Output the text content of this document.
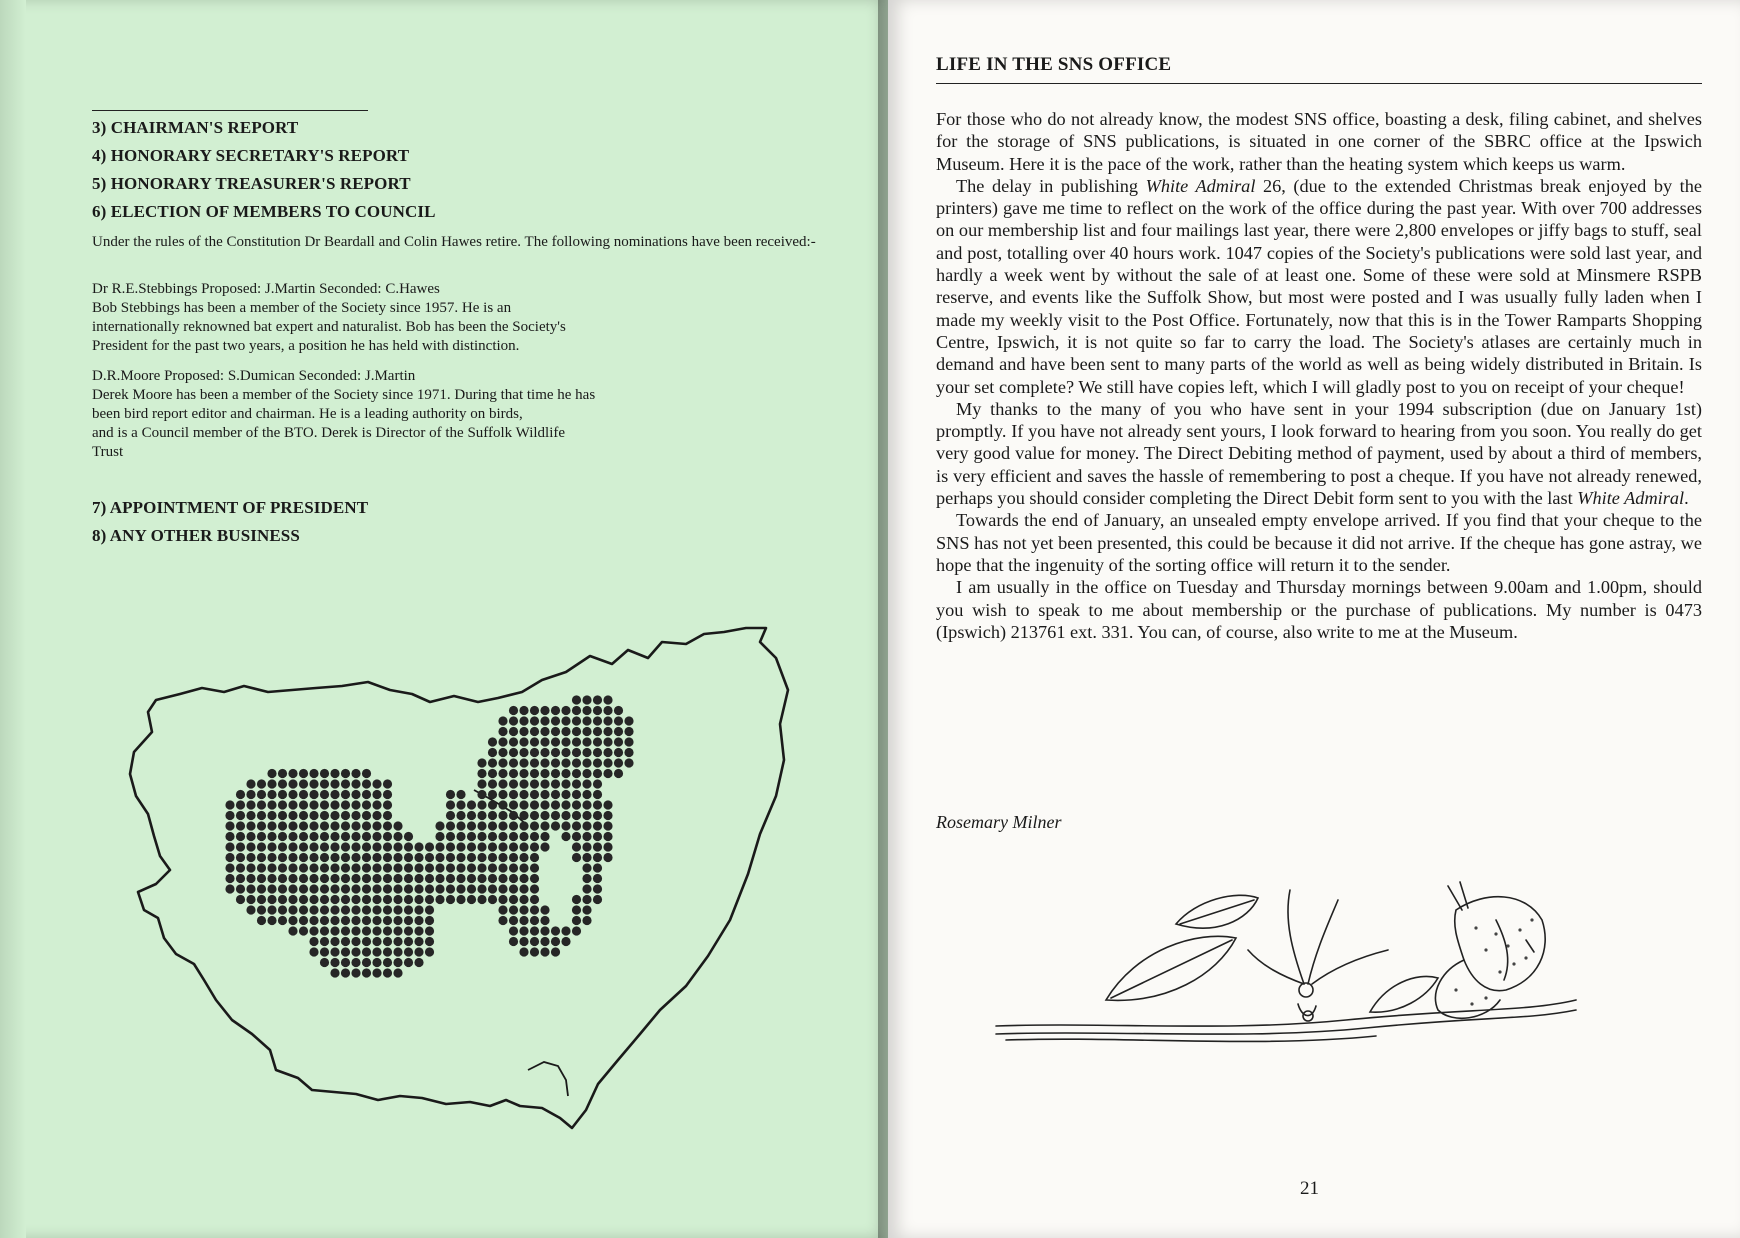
3) CHAIRMAN'S REPORT
4) HONORARY SECRETARY'S REPORT
5) HONORARY TREASURER'S REPORT
6) ELECTION OF MEMBERS TO COUNCIL
Under the rules of the Constitution Dr Beardall and Colin Hawes retire. The following nominations have been received:-
Dr R.E.Stebbings Proposed: J.Martin Seconded: C.Hawes
Bob Stebbings has been a member of the Society since 1957. He is an
internationally reknowned bat expert and naturalist. Bob has been the Society's
President for the past two years, a position he has held with distinction.
D.R.Moore Proposed: S.Dumican Seconded: J.Martin
Derek Moore has been a member of the Society since 1971. During that time he has
been bird report editor and chairman. He is a leading authority on birds,
and is a Council member of the BTO. Derek is Director of the Suffolk Wildlife
Trust
7) APPOINTMENT OF PRESIDENT
8) ANY OTHER BUSINESS
LIFE IN THE SNS OFFICE

For those who do not already know, the modest SNS office, boasting a desk, filing cabinet, and shelves for the storage of SNS publications, is situated in one corner of the SBRC office at the Ipswich Museum. Here it is the pace of the work, rather than the heating system which keeps us warm.

The delay in publishing White Admiral 26, (due to the extended Christmas break enjoyed by the printers) gave me time to reflect on the work of the office during the past year. With over 700 addresses on our membership list and four mailings last year, there were 2,800 envelopes or jiffy bags to stuff, seal and post, totalling over 40 hours work. 1047 copies of the Society's publications were sold last year, and hardly a week went by without the sale of at least one. Some of these were sold at Minsmere RSPB reserve, and events like the Suffolk Show, but most were posted and I was usually fully laden when I made my weekly visit to the Post Office. Fortunately, now that this is in the Tower Ramparts Shopping Centre, Ipswich, it is not quite so far to carry the load. The Society's atlases are certainly much in demand and have been sent to many parts of the world as well as being widely distributed in Britain. Is your set complete? We still have copies left, which I will gladly post to you on receipt of your cheque!

My thanks to the many of you who have sent in your 1994 subscription (due on January 1st) promptly. If you have not already sent yours, I look forward to hearing from you soon. You really do get very good value for money. The Direct Debiting method of payment, used by about a third of members, is very efficient and saves the hassle of remembering to post a cheque. If you have not already renewed, perhaps you should consider completing the Direct Debit form sent to you with the last White Admiral.

Towards the end of January, an unsealed empty envelope arrived. If you find that your cheque to the SNS has not yet been presented, this could be because it did not arrive. If the cheque has gone astray, we hope that the ingenuity of the sorting office will return it to the sender.

I am usually in the office on Tuesday and Thursday mornings between 9.00am and 1.00pm, should you wish to speak to me about membership or the purchase of publications. My number is 0473 (Ipswich) 213761 ext. 331. You can, of course, also write to me at the Museum.

Rosemary Milner
21
